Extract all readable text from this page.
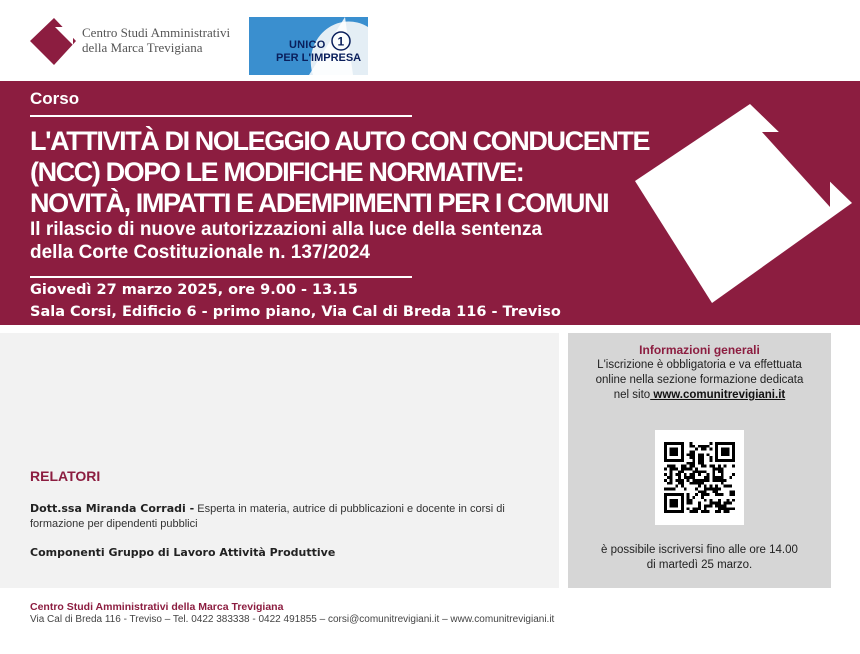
Centro Studi Amministrativi
della Marca Trevigiana	1
UNICO
PER L'IMPRESA
Corso
L'ATTIVITÀ DI NOLEGGIO AUTO CON CONDUCENTE
(NCC) DOPO LE MODIFICHE NORMATIVE:
NOVITÀ, IMPATTI E ADEMPIMENTI PER I COMUNI
Il rilascio di nuove autorizzazioni alla luce della sentenza
della Corte Costituzionale n. 137/2024
Giovedì 27 marzo 2025, ore 9.00 - 13.15
Sala Corsi, Edificio 6 - primo piano, Via Cal di Breda 116 - Treviso
RELATORI
Dott.ssa Miranda Corradi - Esperta in materia, autrice di pubblicazioni e docente in corsi di formazione per dipendenti pubblici
Componenti Gruppo di Lavoro Attività Produttive
Informazioni generali
L'iscrizione è obbligatoria e va effettuata
online nella sezione formazione dedicata
nel sito www.comunitrevigiani.it
è possibile iscriversi fino alle ore 14.00
di martedì 25 marzo.
Centro Studi Amministrativi della Marca Trevigiana
Via Cal di Breda 116 - Treviso – Tel. 0422 383338 - 0422 491855 – corsi@comunitrevigiani.it – www.comunitrevigiani.it
